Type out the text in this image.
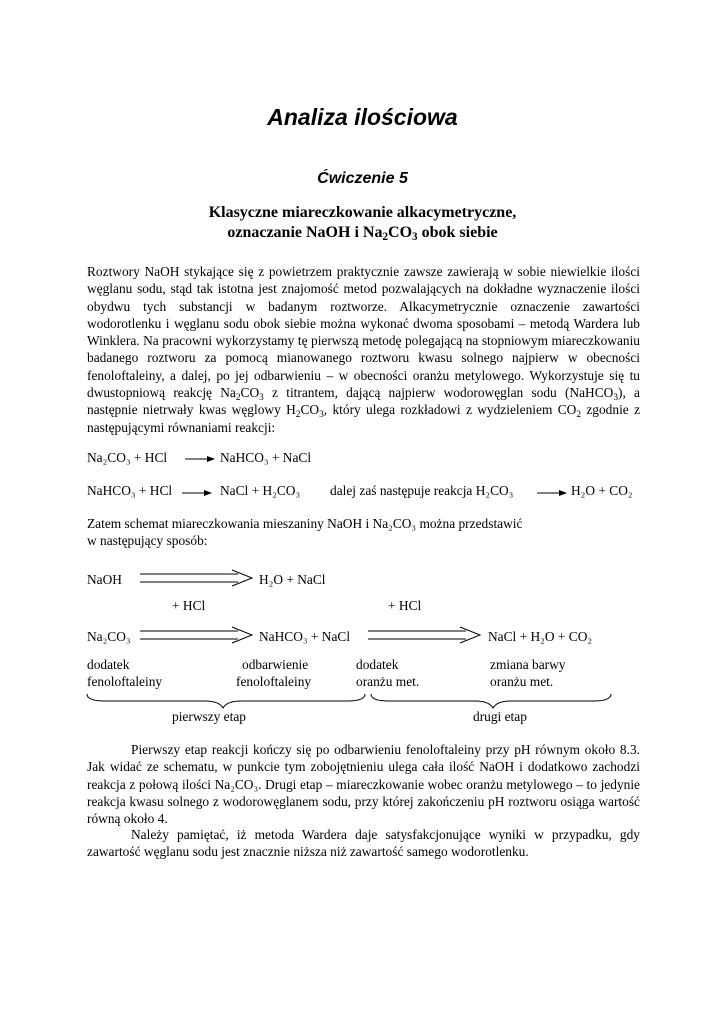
Analiza ilościowa
Ćwiczenie 5
Klasyczne miareczkowanie alkacymetryczne,
oznaczanie NaOH i $Na_2CO_3$ obok siebie
Roztwory NaOH stykające się z powietrzem praktycznie zawsze zawierają w sobie niewielkie ilości węglanu sodu, stąd tak istotna jest znajomość metod pozwalających na dokładne wyznaczenie ilości obydwu tych substancji w badanym roztworze. Alkacymetrycznie oznaczenie zawartości wodorotlenku i węglanu sodu obok siebie można wykonać dwoma sposobami – metodą Wardera lub Winklera. Na pracowni wykorzystamy tę pierwszą metodę polegającą na stopniowym miareczkowaniu badanego roztworu za pomocą mianowanego roztworu kwasu solnego najpierw w obecności fenoloftaleiny, a dalej, po jej odbarwieniu – w obecności oranżu metylowego. Wykorzystuje się tu dwustopniową reakcję $Na_2CO_3$ z titrantem, dającą najpierw wodorowęglan sodu (NaHCO$_3$), a następnie nietrwały kwas węglowy $H_2CO_3$, który ulega rozkładowi z wydzieleniem $CO_2$ zgodnie z następującymi równaniami reakcji:
Na₂CO₃ + HCl → NaHCO₃ + NaCl
NaHCO₃ + HCl → NaCl + H₂CO₃ dalej zaś następuje reakcja H₂CO₃ → H₂O + CO₂
Zatem schemat miareczkowania mieszaniny NaOH i Na₂CO₃ można przedstawić
w następujący sposób:
NaOH	H₂O + NaCl
+ HCl	+ HCl
Na₂CO₃	NaHCO₃ + NaCl	NaCl + H₂O + CO₂
dodatek
fenoloftaleiny
odbarwienie
fenoloftaleiny
dodatek
oranżu met.
zmiana barwy
oranżu met.
pierwszy etap	drugi etap
Pierwszy etap reakcji kończy się po odbarwieniu fenoloftaleiny przy pH równym około 8.3. Jak widać ze schematu, w punkcie tym zobojętnieniu ulega cała ilość NaOH i dodatkowo zachodzi reakcja z połową ilości Na₂CO₃. Drugi etap – miareczkowanie wobec oranżu metylowego – to jedynie reakcja kwasu solnego z wodorowęglanem sodu, przy której zakończeniu pH roztworu osiąga wartość równą około 4.
Należy pamiętać, iż metoda Wardera daje satysfakcjonujące wyniki w przypadku, gdy zawartość węglanu sodu jest znacznie niższa niż zawartość samego wodorotlenku.
